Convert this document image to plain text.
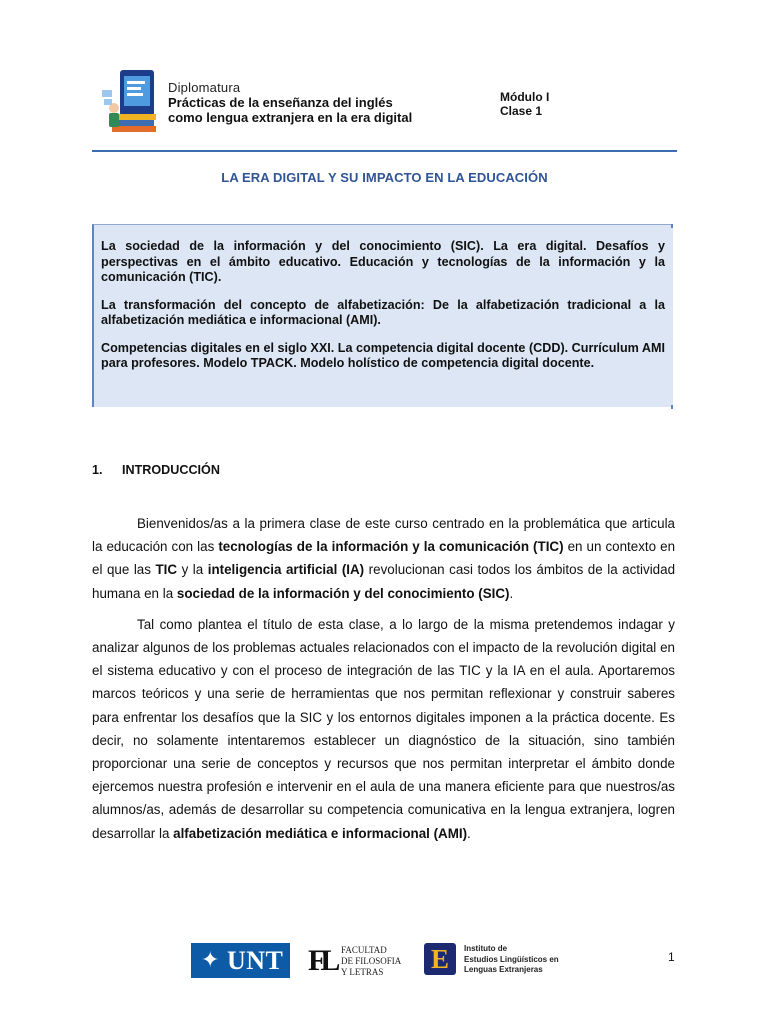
Diplomatura
Prácticas de la enseñanza del inglés
como lengua extranjera en la era digital
Módulo I
Clase 1
LA ERA DIGITAL Y SU IMPACTO EN LA EDUCACIÓN

La sociedad de la información y del conocimiento (SIC). La era digital. Desafíos y perspectivas en el ámbito educativo. Educación y tecnologías de la información y la comunicación (TIC).

La transformación del concepto de alfabetización: De la alfabetización tradicional a la alfabetización mediática e informacional (AMI).

Competencias digitales en el siglo XXI. La competencia digital docente (CDD). Currículum AMI para profesores. Modelo TPACK. Modelo holístico de competencia digital docente.

1. INTRODUCCIÓN

Bienvenidos/as a la primera clase de este curso centrado en la problemática que articula la educación con las tecnologías de la información y la comunicación (TIC) en un contexto en el que las TIC y la inteligencia artificial (IA) revolucionan casi todos los ámbitos de la actividad humana en la sociedad de la información y del conocimiento (SIC).

Tal como plantea el título de esta clase, a lo largo de la misma pretendemos indagar y analizar algunos de los problemas actuales relacionados con el impacto de la revolución digital en el sistema educativo y con el proceso de integración de las TIC y la IA en el aula. Aportaremos marcos teóricos y una serie de herramientas que nos permitan reflexionar y construir saberes para enfrentar los desafíos que la SIC y los entornos digitales imponen a la práctica docente. Es decir, no solamente intentaremos establecer un diagnóstico de la situación, sino también proporcionar una serie de conceptos y recursos que nos permitan interpretar el ámbito donde ejercemos nuestra profesión e intervenir en el aula de una manera eficiente para que nuestros/as alumnos/as, además de desarrollar su competencia comunicativa en la lengua extranjera, logren desarrollar la alfabetización mediática e informacional (AMI).

✦ UNT FL FACULTAD
DE FILOSOFIA
Y LETRAS	E Instituto de
Estudios Lingüísticos en
Lenguas Extranjeras
1
